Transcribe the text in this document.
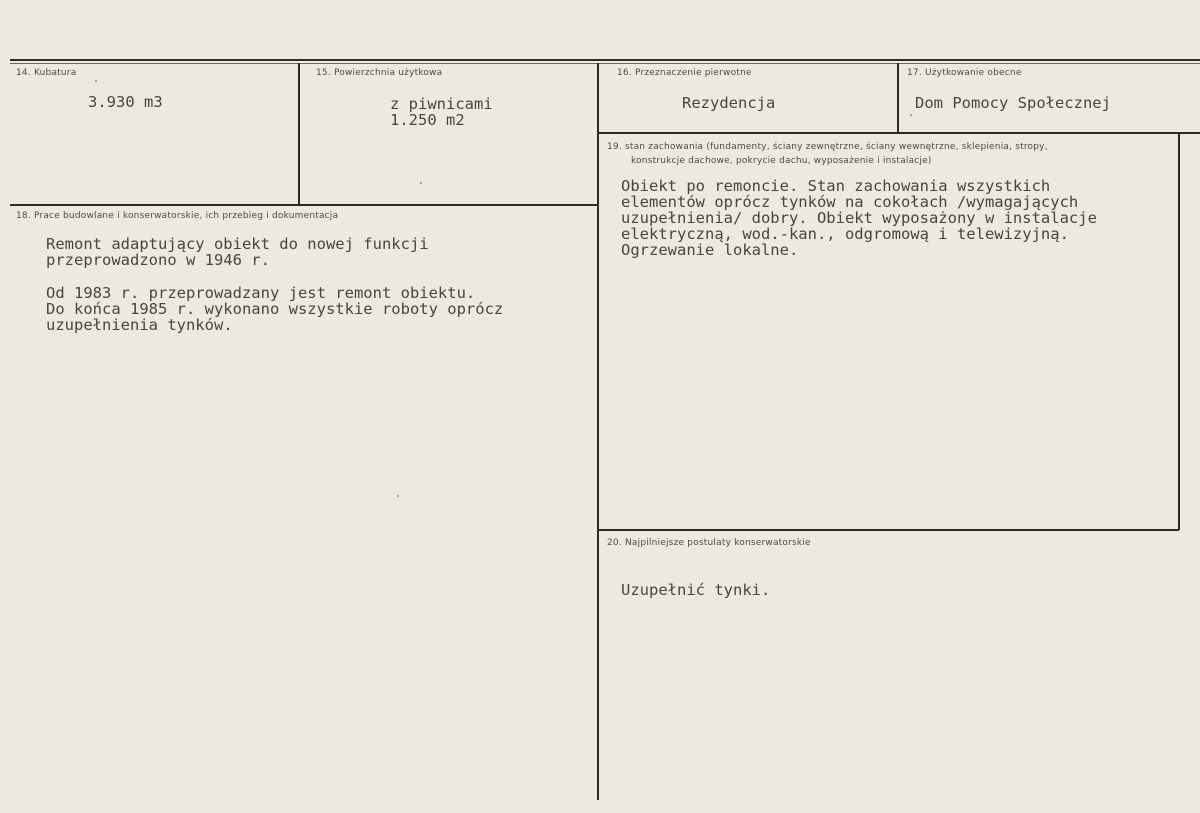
14. Kubatura
3.930 m3
15. Powierzchnia użytkowa
z piwnicami
1.250 m2
16. Przeznaczenie pierwotne
Rezydencja
17. Użytkowanie obecne
Dom Pomocy Społecznej
18. Prace budowlane i konserwatorskie, ich przebieg i dokumentacja
Remont adaptujący obiekt do nowej funkcji
przeprowadzono w 1946 r.
Od 1983 r. przeprowadzany jest remont obiektu.
Do końca 1985 r. wykonano wszystkie roboty oprócz
uzupełnienia tynków.
19. stan zachowania (fundamenty, ściany zewnętrzne, ściany wewnętrzne, sklepienia, stropy,
konstrukcje dachowe, pokrycie dachu, wyposażenie i instalacje)
Obiekt po remoncie. Stan zachowania wszystkich
elementów oprócz tynków na cokołach /wymagających
uzupełnienia/ dobry. Obiekt wyposażony w instalacje
elektryczną, wod.-kan., odgromową i telewizyjną.
Ogrzewanie lokalne.
20. Najpilniejsze postulaty konserwatorskie
Uzupełnić tynki.
